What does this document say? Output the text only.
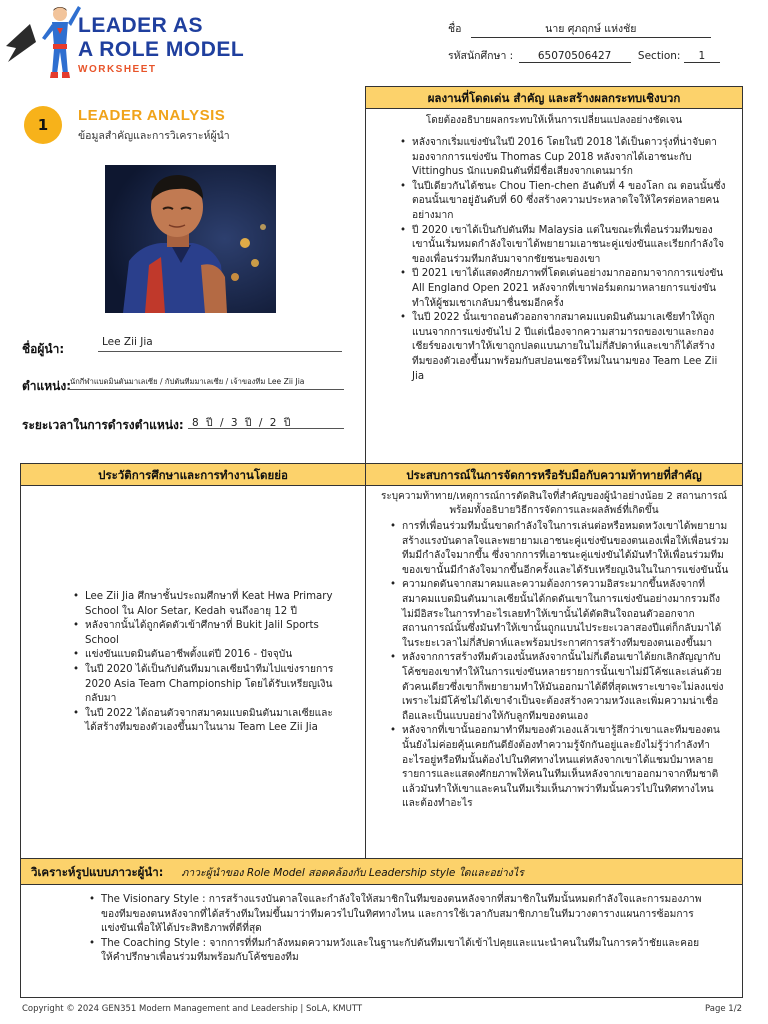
LEADER AS
A ROLE MODEL
WORKSHEET
ชื่อ	นาย ศุภฤกษ์ แห่งชัย
รหัสนักศึกษา : 65070506427	Section: 1
1
LEADER ANALYSIS
ข้อมูลสำคัญและการวิเคราะห์ผู้นำ
ชื่อผู้นำ:	Lee Zii Jia
ตำแหน่ง:
นักกีฬาแบดมินตันมาเลเซีย / กัปตันทีมมาเลเซีย / เจ้าของทีม Lee Zii Jia
ระยะเวลาในการดำรงตำแหน่ง: 8 ปี / 3 ปี / 2 ปี
ผลงานที่โดดเด่น สำคัญ และสร้างผลกระทบเชิงบวก
โดยต้องอธิบายผลกระทบให้เห็นการเปลี่ยนแปลงอย่างชัดเจน
• หลังจากเริ่มแข่งขันในปี 2016 โดยในปี 2018 ได้เป็นดาวรุ่งที่น่าจับตามองจากการแข่งขัน Thomas Cup 2018 หลังจากได้เอาชนะกับ Vittinghus นักแบดมินตันที่มีชื่อเสียงจากเดนมาร์ก
• ในปีเดียวกันได้ชนะ Chou Tien-chen อันดับที่ 4 ของโลก ณ ตอนนั้นซึ่งตอนนั้นเขาอยู่อันดับที่ 60 ซึ่งสร้างความประหลาดใจให้ใครต่อหลายคนอย่างมาก
• ปี 2020 เขาได้เป็นกัปตันทีม Malaysia แต่ในขณะที่เพื่อนร่วมทีมของเขานั้นเริ่มหมดกำลังใจเขาได้พยายามเอาชนะคู่แข่งขันและเรียกกำลังใจของเพื่อนร่วมทีมกลับมาจากชัยชนะของเขา
• ปี 2021 เขาได้แสดงศักยภาพที่โดดเด่นอย่างมากออกมาจากการแข่งขัน All England Open 2021 หลังจากที่เขาฟอร์มตกมาหลายการแข่งขันทำให้ผู้ชมเชาเกลับมาชื่นชมอีกครั้ง
• ในปี 2022 นั้นเขาถอนตัวออกจากสมาคมแบดมินตันมาเลเซียทำให้ถูกแบนจากการแข่งขันไป 2 ปีแต่เนื่องจากความสามารถของเขาและกองเชียร์ของเขาทำให้เขาถูกปลดแบนภายในไม่กี่สัปดาห์และเขาก็ได้สร้างทีมของตัวเองขึ้นมาพร้อมกับสปอนเซอร์ใหม่ในนามของ Team Lee Zii Jia
ประวัติการศึกษาและการทำงานโดยย่อ
• Lee Zii Jia ศึกษาชั้นประถมศึกษาที่ Keat Hwa Primary School ใน Alor Setar, Kedah จนถึงอายุ 12 ปี
• หลังจากนั้นได้ถูกคัดตัวเข้าศึกษาที่ Bukit Jalil Sports School
• แข่งขันแบดมินตันอาชีพตั้งแต่ปี 2016 - ปัจจุบัน
• ในปี 2020 ได้เป็นกัปตันทีมมาเลเซียนำทีมไปแข่งรายการ 2020 Asia Team Championship โดยได้รับเหรียญเงินกลับมา
• ในปี 2022 ได้ถอนตัวจากสมาคมแบดมินตันมาเลเซียและได้สร้างทีมของตัวเองขึ้นมาในนาม Team Lee Zii Jia
ประสบการณ์ในการจัดการหรือรับมือกับความท้าทายที่สำคัญ
ระบุความท้าทาย/เหตุการณ์การตัดสินใจที่สำคัญของผู้นำอย่างน้อย 2 สถานการณ์ พร้อมทั้งอธิบายวิธีการจัดการและผลลัพธ์ที่เกิดขึ้น
• การที่เพื่อนร่วมทีมนั้นขาดกำลังใจในการเล่นต่อหรือหมดหวังเขาได้พยายามสร้างแรงบันดาลใจและพยายามเอาชนะคู่แข่งขันของตนเองเพื่อให้เพื่อนร่วมทีมมีกำลังใจมากขึ้น ซึ่งจากการที่เอาชนะคู่แข่งขันได้มันทำให้เพื่อนร่วมทีมของเขานั้นมีกำลังใจมากขึ้นอีกครั้งและได้รับเหรียญเงินในในการแข่งขันนั้น
• ความกดดันจากสมาคมและความต้องการความอิสระมากขึ้นหลังจากที่สมาคมแบดมินตันมาเลเซียนั้นได้กดดันเขาในการแข่งขันอย่างมากรวมถึงไม่มีอิสระในการทำอะไรเลยทำให้เขานั้นได้ตัดสินใจถอนตัวออกจากสถานการณ์นั้นซึ่งมันทำให้เขานั้นถูกแบนไประยะเวลาสองปีแต่ก็กลับมาได้ในระยะเวลาไม่กี่สัปดาห์และพร้อมประกาศการสร้างทีมของตนเองขึ้นมา
• หลังจากการสร้างทีมตัวเองนั้นหลังจากนั้นไม่กี่เดือนเขาได้ยกเลิกสัญญากับโค้ชของเขาทำให้ในการแข่งขันหลายรายการนั้นเขาไม่มีโค้ชและเล่นด้วยตัวคนเดียวซึ่งเขาก็พยายามทำให้มันออกมาได้ดีที่สุดเพราะเขาจะไม่ลงแข่งเพราะไม่มีโค้ชไม่ได้เขาจำเป็นจะต้องสร้างความหวังและเพิ่มความน่าเชื่อถือและเป็นแบบอย่างให้กับลูกทีมของตนเอง
• หลังจากที่เขานั้นออกมาทำทีมของตัวเองแล้วเขารู้สึกว่าเขาและทีมของตนนั้นยังไม่ค่อยคุ้นเคยกันดียังต้องทำความรู้จักกันอยู่และยังไม่รู้ว่ากำลังทำอะไรอยู่หรือทีมนั้นต้องไปในทิศทางไหนแต่หลังจากเขาได้แชมป์มาหลายรายการและแสดงศักยภาพให้คนในทีมเห็นหลังจากเขาออกมาจากทีมชาติแล้วมันทำให้เขาและคนในทีมเริ่มเห็นภาพว่าทีมนั้นควรไปในทิศทางไหนและต้องทำอะไร
วิเคราะห์รูปแบบภาวะผู้นำ: ภาวะผู้นำของ Role Model สอดคล้องกับ Leadership style ใดและอย่างไร
• The Visionary Style : การสร้างแรงบันดาลใจและกำลังใจให้สมาชิกในทีมของตนหลังจากที่สมาชิกในทีมนั้นหมดกำลังใจและการมองภาพของทีมของตนหลังจากที่ได้สร้างทีมใหม่ขึ้นมาว่าทีมควรไปในทิศทางไหน และการใช้เวลากับสมาชิกภายในทีมวางตารางแผนการซ้อมการแข่งขันเพื่อให้ได้ประสิทธิภาพที่ดีที่สุด
• The Coaching Style : จากการที่ทีมกำลังหมดความหวังและในฐานะกัปตันทีมเขาได้เข้าไปคุยและแนะนำคนในทีมในการคว้าชัยและคอยให้คำปรึกษาเพื่อนร่วมทีมพร้อมกับโค้ชของทีม
Copyright © 2024 GEN351 Modern Management and Leadership | SoLA, KMUTT	Page 1/2
